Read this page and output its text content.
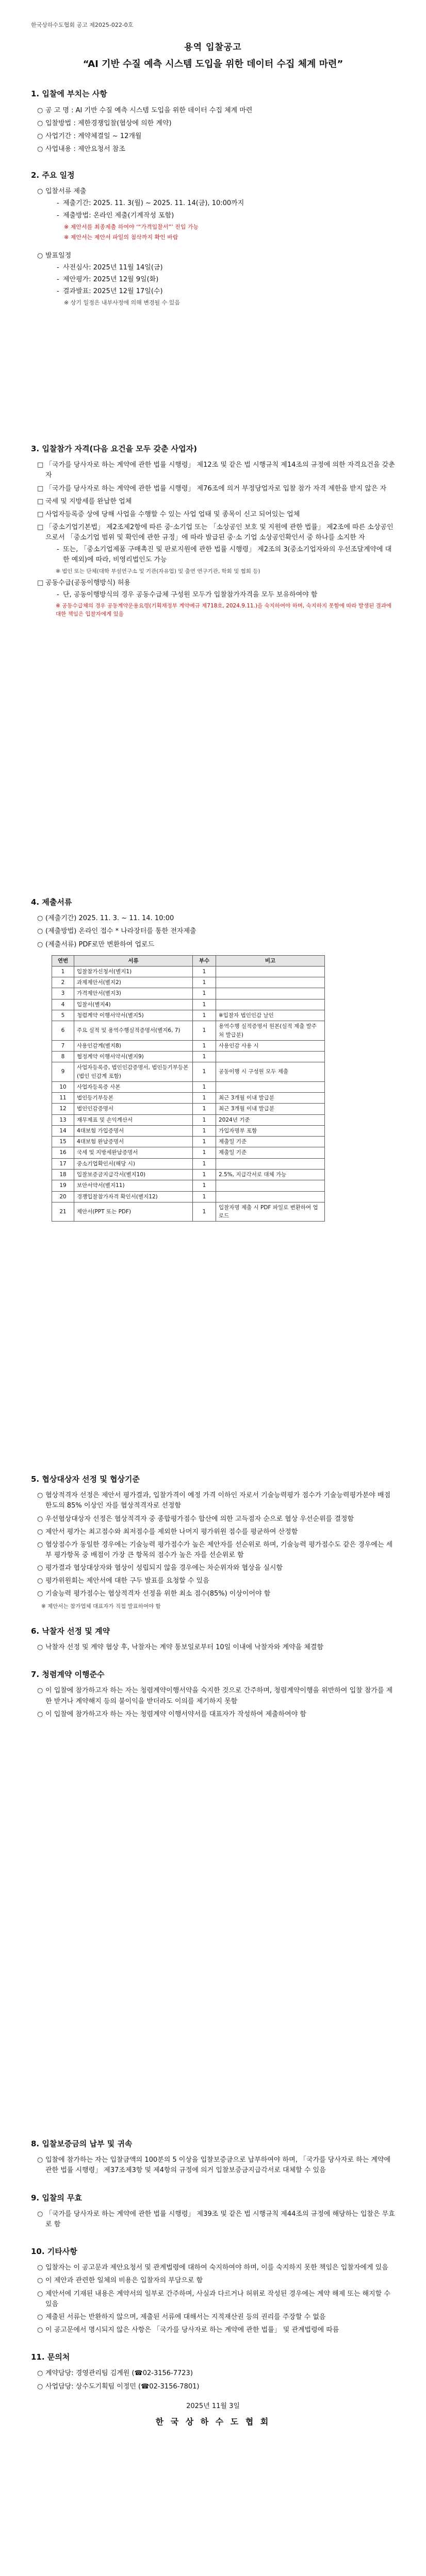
한국상하수도협회 공고 제2025-022-0호
용역 입찰공고
“AI 기반 수질 예측 시스템 도입을 위한 데이터 수집 체계 마련”
1. 입찰에 부치는 사항
○ 공 고 명 : AI 기반 수질 예측 시스템 도입을 위한 데이터 수집 체계 마련
○ 입찰방법 : 제한경쟁입찰(협상에 의한 계약)
○ 사업기간 : 계약체결일 ~ 12개월
○ 사업내용 : 제안요청서 참조
2. 주요 일정
○ 입찰서류 제출
- 제출기간: 2025. 11. 3(월) ~ 2025. 11. 14(금), 10:00까지
- 제출방법: 온라인 제출(기계작성 포함)
※ 제안서를 최종제출 하여야 ‘“가격입찰서”’ 진입 가능
※ 제안서는 제안서 파일의 첨삭까지 확인 바람
○ 발표일정
- 사전심사: 2025년 11월 14일(금)
- 제안평가: 2025년 12월 9일(화)
- 결과발표: 2025년 12월 17일(수)
※ 상기 일정은 내부사정에 의해 변경될 수 있음
3. 입찰참가 자격(다음 요건을 모두 갖춘 사업자)
□ 「국가를 당사자로 하는 계약에 관한 법률 시행령」 제12조 및 같은 법 시행규칙 제14조의 규정에 의한 자격요건을 갖춘 자
□ 「국가를 당사자로 하는 계약에 관한 법률 시행령」 제76조에 의거 부정당업자로 입찰 참가 자격 제한을 받지 않은 자
□ 국세 및 지방세를 완납한 업체
□ 사업자등록증 상에 당해 사업을 수행할 수 있는 사업 업태 및 종목이 신고 되어있는 업체
□ 「중소기업기본법」 제2조제2항에 따른 중·소기업 또는 「소상공인 보호 및 지원에 관한 법률」 제2조에 따른 소상공인으로서 「중소기업 범위 및 확인에 관한 규정」에 따라 발급된 중·소 기업 소상공인확인서 중 하나를 소지한 자
- 또는, 「중소기업제품 구매촉진 및 판로지원에 관한 법률 시행령」 제2조의 3(중소기업자와의 우선조달계약에 대한 예외)에 따라, 비영리법인도 가능
※ 법인 또는 단체(대학 부설연구소 및 기관(자유업) 및 출연 연구기관, 학회 및 협회 등)
□ 공동수급(공동이행방식) 허용
- 단, 공동이행방식의 경우 공동수급체 구성원 모두가 입찰참가자격을 모두 보유하여야 함
※ 공동수급체의 경우 공동계약운용요령(기획재정부 계약예규 제718호, 2024.9.11.)을 숙지하여야 하며, 숙지하지 못함에 따라 발생된 결과에 대한 책임은 입찰자에게 있음
4. 제출서류
○ (제출기간) 2025. 11. 3. ~ 11. 14. 10:00
○ (제출방법) 온라인 접수 * 나라장터를 통한 전자제출
○ (제출서류) PDF로만 변환하여 업로드
연번	서류	부수	비고
1	입찰참가신청서(별지1)	1	
2	과제제안서(별지2)	1	
3	가격제안서(별지3)	1	
4	입찰서(별지4)	1	
5	청렴계약 이행서약서(별지5)	1	※입찰자 법인인감 날인
6	주요 실적 및 용역수행실적증명서(별지6, 7)	1	용역수행 실적증명서 원본(실적 제출 발주처 발급분)
7	사용인감계(별지8)	1	사용인감 사용 시
8	협정계약 이행서약서(별지9)	1	
9	사업자등록증, 법인인감증명서, 법인등기부등본 (법인 인감계 포함)	1	공동이행 시 구성원 모두 제출
10	사업자등록증 사본	1	
11	법인등기부등본	1	최근 3개월 이내 발급분
12	법인인감증명서	1	최근 3개월 이내 발급분
13	재무제표 및 손익계산서	1	2024년 기준
14	4대보험 가입증명서	1	가입자명부 포함
15	4대보험 완납증명서	1	제출일 기준
16	국세 및 지방세완납증명서	1	제출일 기준
17	중소기업확인서(해당 시)	1	
18	입찰보증금지급각서(별지10)	1	2.5%, 지급각서로 대체 가능
19	보안서약서(별지11)	1	
20	경쟁입찰참가자격 확인서(별지12)	1	
21	제안서(PPT 또는 PDF)	1	입찰자명 제출 시 PDF 파일로 변환하여 업로드
5. 협상대상자 선정 및 협상기준
○ 협상적격자 선정은 제안서 평가결과, 입찰가격이 예정 가격 이하인 자로서 기술능력평가 점수가 기술능력평가분야 배점한도의 85% 이상인 자를 협상적격자로 선정함
○ 우선협상대상자 선정은 협상적격자 중 종합평가점수 합산에 의한 고득점자 순으로 협상 우선순위를 결정함
○ 제안서 평가는 최고점수와 최저점수를 제외한 나머지 평가위원 점수를 평균하여 산정함
○ 협상점수가 동일한 경우에는 기술능력 평가점수가 높은 제안자를 선순위로 하며, 기술능력 평가점수도 같은 경우에는 세부 평가항목 중 배점이 가장 큰 항목의 점수가 높은 자를 선순위로 함
○ 평가결과 협상대상자와 협상이 성립되지 않을 경우에는 차순위자와 협상을 실시함
○ 평가위원회는 제안서에 대한 구두 발표를 요청할 수 있음
○ 기술능력 평가점수는 협상적격자 선정을 위한 최소 점수(85%) 이상이어야 함
※ 제안서는 참가업체 대표자가 직접 발표하여야 함
6. 낙찰자 선정 및 계약
○ 낙찰자 선정 및 계약 협상 후, 낙찰자는 계약 통보일로부터 10일 이내에 낙찰자와 계약을 체결함
7. 청렴계약 이행준수
○ 이 입찰에 참가하고자 하는 자는 청렴계약이행서약을 숙지한 것으로 간주하며, 청렴계약이행을 위반하여 입찰 참가를 제한 받거나 계약해지 등의 불이익을 받더라도 이의를 제기하지 못함
○ 이 입찰에 참가하고자 하는 자는 청렴계약 이행서약서를 대표자가 작성하여 제출하여야 함
8. 입찰보증금의 납부 및 귀속
○ 입찰에 참가하는 자는 입찰금액의 100분의 5 이상을 입찰보증금으로 납부하여야 하며, 「국가를 당사자로 하는 계약에 관한 법률 시행령」 제37조제3항 및 제4항의 규정에 의거 입찰보증금지급각서로 대체할 수 있음
9. 입찰의 무효
○ 「국가를 당사자로 하는 계약에 관한 법률 시행령」 제39조 및 같은 법 시행규칙 제44조의 규정에 해당하는 입찰은 무효로 함
10. 기타사항
○ 입찰자는 이 공고문과 제안요청서 및 관계법령에 대하여 숙지하여야 하며, 이를 숙지하지 못한 책임은 입찰자에게 있음
○ 이 제안과 관련한 일체의 비용은 입찰자의 부담으로 함
○ 제안서에 기재된 내용은 계약서의 일부로 간주하며, 사실과 다르거나 허위로 작성된 경우에는 계약 해제 또는 해지할 수 있음
○ 제출된 서류는 반환하지 않으며, 제출된 서류에 대해서는 지적재산권 등의 권리를 주장할 수 없음
○ 이 공고문에서 명시되지 않은 사항은 「국가를 당사자로 하는 계약에 관한 법률」 및 관계법령에 따름
11. 문의처
○ 계약담당: 경영관리팀 김계원 (☎02-3156-7723)
○ 사업담당: 상수도기획팀 이정민 (☎02-3156-7801)
2025년 11월 3일
한 국 상 하 수 도 협 회
